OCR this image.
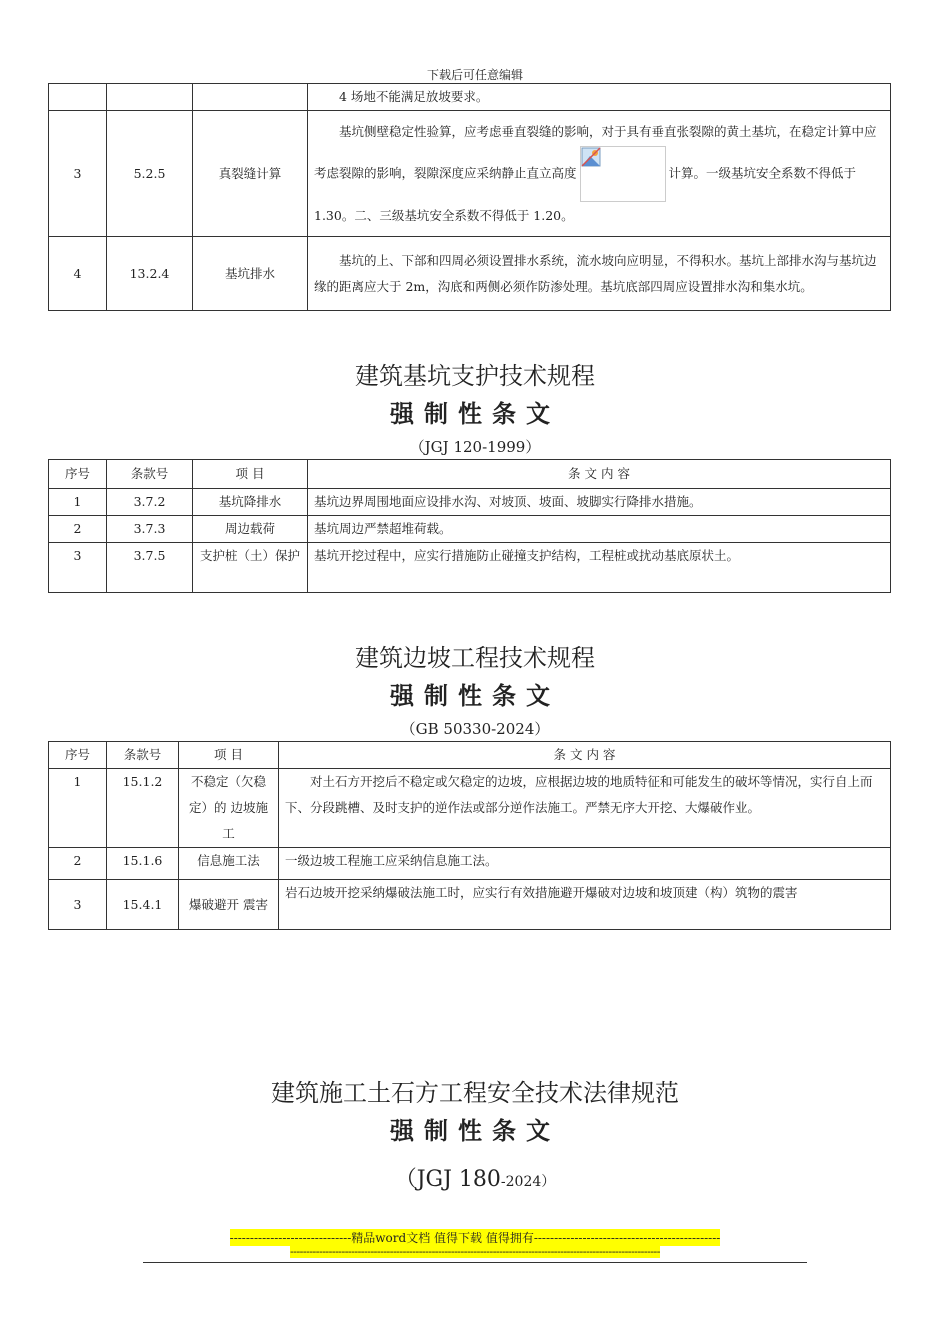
下载后可任意编辑
			4 场地不能满足放坡要求。
3	5.2.5	真裂缝计算	基坑侧壁稳定性验算，应考虑垂直裂缝的影响，对于具有垂直张裂隙的黄土基坑，在稳定计算中应考虑裂隙的影响，裂隙深度应采纳静止直立高度 计算。一级基坑安全系数不得低于 1.30。二、三级基坑安全系数不得低于 1.20。
4	13.2.4	基坑排水	基坑的上、下部和四周必须设置排水系统，流水坡向应明显，不得积水。基坑上部排水沟与基坑边缘的距离应大于 2m，沟底和两侧必须作防渗处理。基坑底部四周应设置排水沟和集水坑。
建筑基坑支护技术规程
强制性条文
（JGJ 120-1999）
序号	条款号	项 目	条 文 内 容
1	3.7.2	基坑降排水	基坑边界周围地面应设排水沟、对坡顶、坡面、坡脚实行降排水措施。
2	3.7.3	周边载荷	基坑周边严禁超堆荷载。
3	3.7.5	支护桩（土）保护	基坑开挖过程中，应实行措施防止碰撞支护结构，工程桩或扰动基底原状土。
建筑边坡工程技术规程
强制性条文
（GB 50330-2024）
序号	条款号	项 目	条 文 内 容
1	15.1.2	不稳定（欠稳定）的 边坡施工	对土石方开挖后不稳定或欠稳定的边坡，应根据边坡的地质特征和可能发生的破坏等情况，实行自上而下、分段跳槽、及时支护的逆作法或部分逆作法施工。严禁无序大开挖、大爆破作业。
2	15.1.6	信息施工法	一级边坡工程施工应采纳信息施工法。
3	15.4.1	爆破避开 震害	岩石边坡开挖采纳爆破法施工时，应实行有效措施避开爆破对边坡和坡顶建（构）筑物的震害
建筑施工土石方工程安全技术法律规范
强制性条文
（JGJ 180-2024）
------------------------------精品word文档 值得下载 值得拥有----------------------------------------------
-------------------------------------------------------------------------------------------------------------------
